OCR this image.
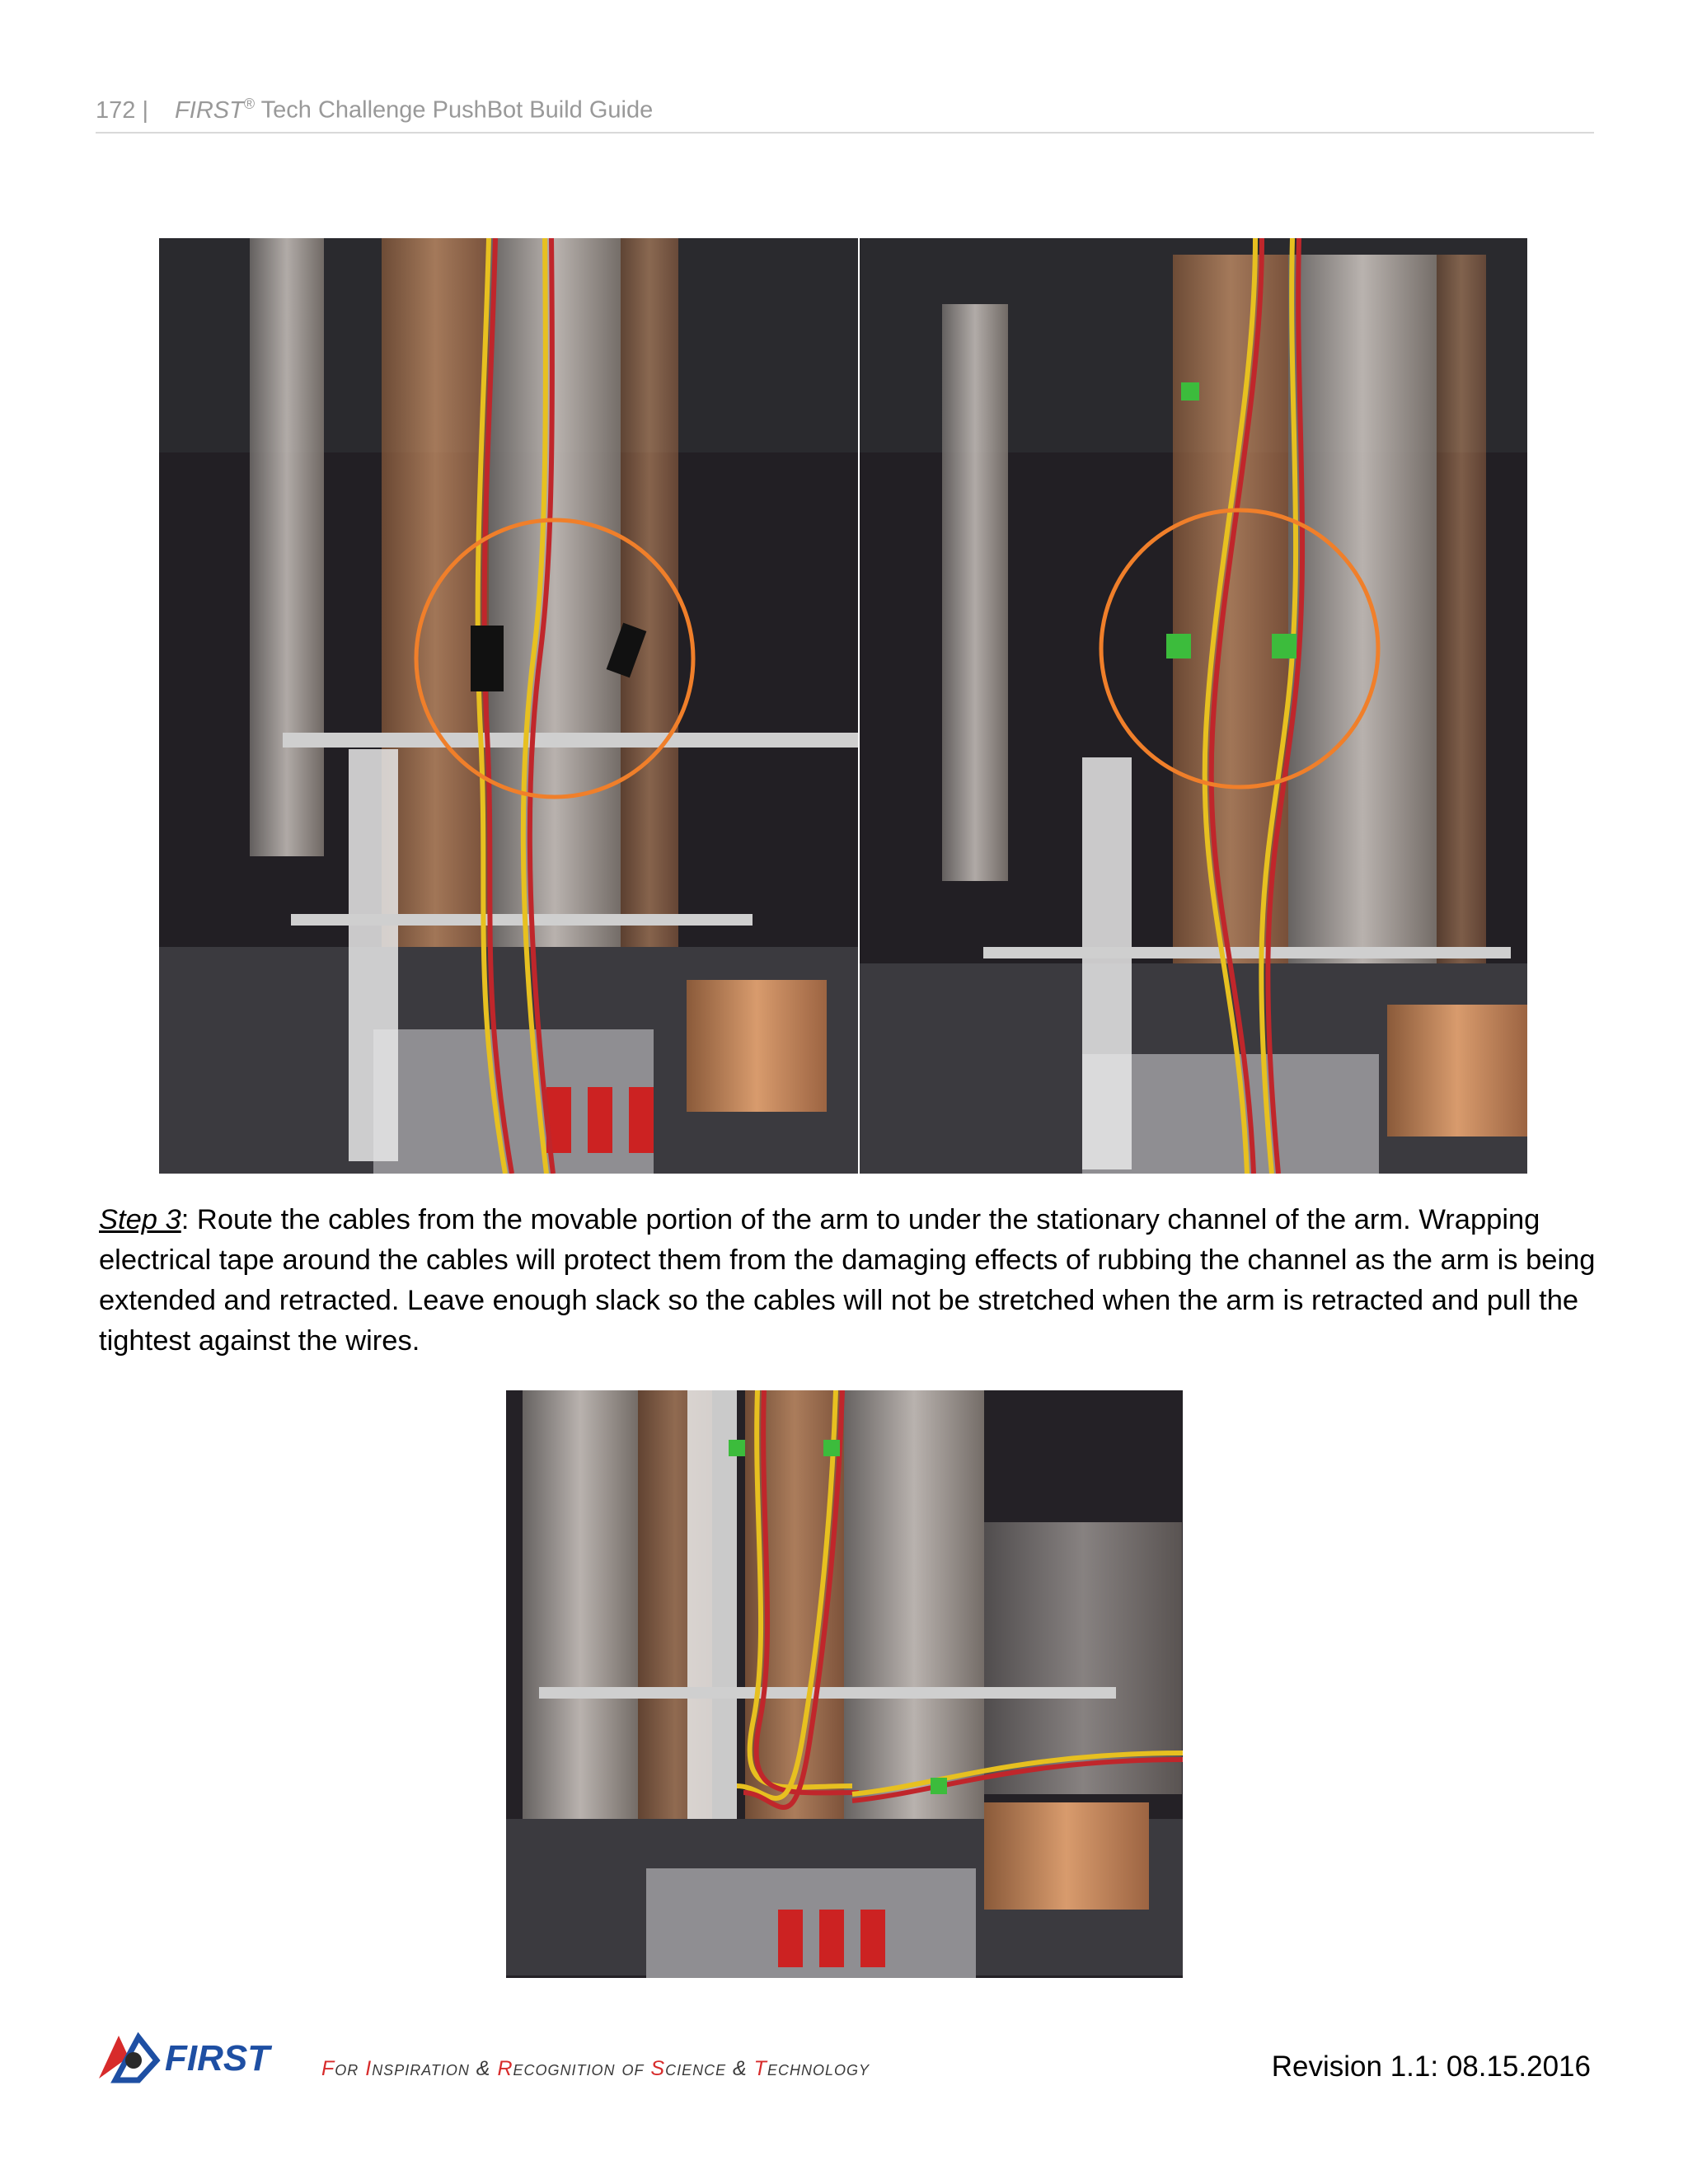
172 | FIRST® Tech Challenge PushBot Build Guide
Step 3: Route the cables from the movable portion of the arm to under the stationary channel of the arm. Wrapping electrical tape around the cables will protect them from the damaging effects of rubbing the channel as the arm is being extended and retracted. Leave enough slack so the cables will not be stretched when the arm is retracted and pull the tightest against the wires.
FIRST	For Inspiration & Recognition of Science & Technology	Revision 1.1: 08.15.2016
